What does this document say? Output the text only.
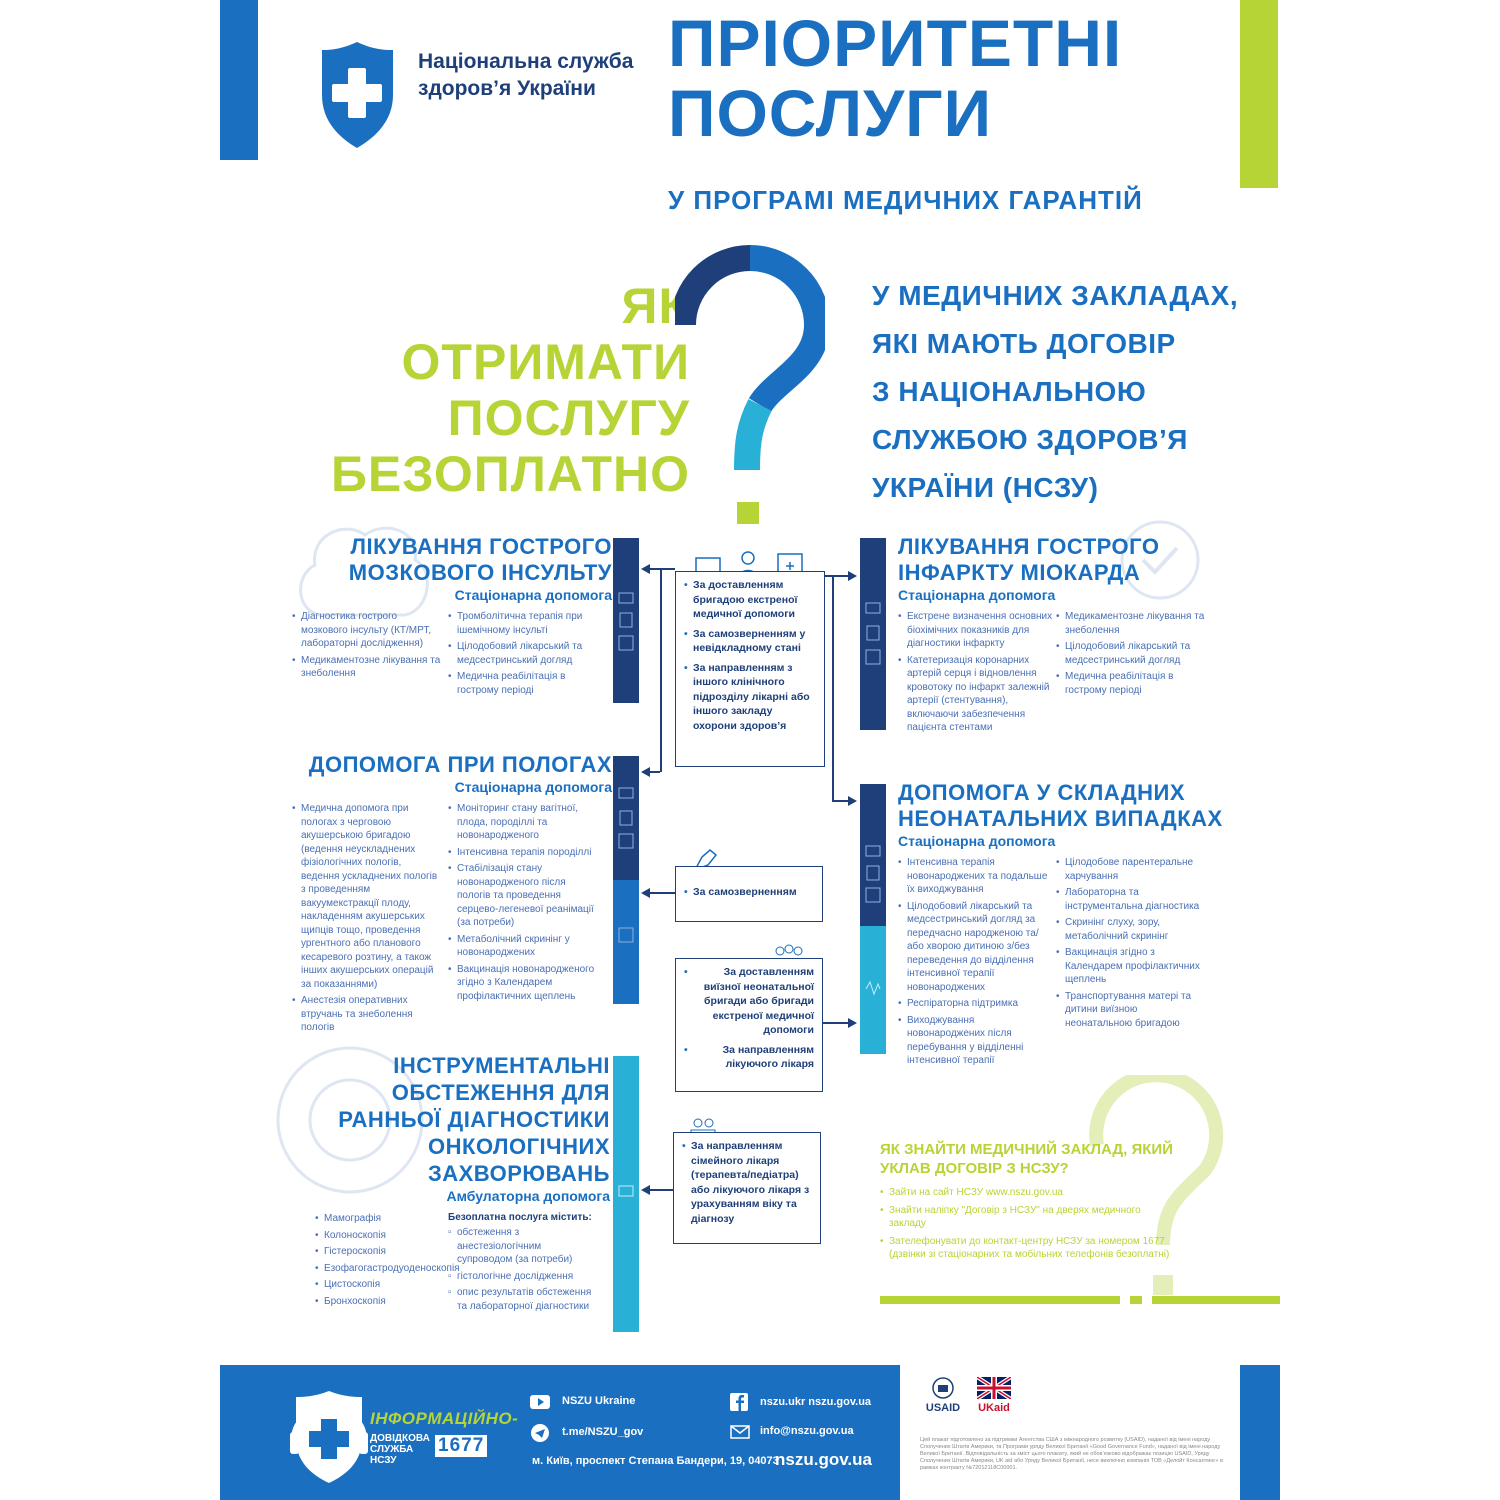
Національна служба здоров’я України
ПРІОРИТЕТНІ
ПОСЛУГИ
У ПРОГРАМІ МЕДИЧНИХ ГАРАНТІЙ
ЯК
ОТРИМАТИ
ПОСЛУГУ
БЕЗОПЛАТНО
У МЕДИЧНИХ ЗАКЛАДАХ,
ЯКІ МАЮТЬ ДОГОВІР
З НАЦІОНАЛЬНОЮ
СЛУЖБОЮ ЗДОРОВ’Я
УКРАЇНИ (НСЗУ)
ЛІКУВАННЯ ГОСТРОГО
МОЗКОВОГО ІНСУЛЬТУ
Стаціонарна допомога
• Діагностика гострого мозкового інсульту (КТ/МРТ, лабораторні дослідження)
• Медикаментозне лікування та знеболення
• Тромболітична терапія при ішемічному інсульті
• Цілодобовий лікарський та медсестринський догляд
• Медична реабілітація в гострому періоді
ЛІКУВАННЯ ГОСТРОГО
ІНФАРКТУ МІОКАРДА
Стаціонарна допомога
• Екстрене визначення основних біохімічних показників для діагностики інфаркту
• Катетеризація коронарних артерій серця і відновлення кровотоку по інфаркт залежній артерії (стентування), включаючи забезпечення пацієнта стентами
• Медикаментозне лікування та знеболення
• Цілодобовий лікарський та медсестринський догляд
• Медична реабілітація в гострому періоді
• За доставленням бригадою екстреної медичної допомоги
• За самозверненням у невідкладному стані
• За направленням з іншого клінічного підрозділу лікарні або іншого закладу охорони здоров’я
ДОПОМОГА ПРИ ПОЛОГАХ
Стаціонарна допомога
• Медична допомога при пологах з черговою акушерською бригадою (ведення неускладнених фізіологічних пологів, ведення ускладнених пологів з проведенням вакуумекстракції плоду, накладенням акушерських щипців тощо, проведення ургентного або планового кесаревого розтину, а також інших акушерських операцій за показаннями)
• Анестезія оперативних втручань та знеболення пологів
• Моніторинг стану вагітної, плода, породіллі та новонародженого
• Інтенсивна терапія породіллі
• Стабілізація стану новонародженого після пологів та проведення серцево-легеневої реанімації (за потреби)
• Метаболічний скринінг у новонароджених
• Вакцинація новонародженого згідно з Календарем профілактичних щеплень
• За самозверненням
ДОПОМОГА У СКЛАДНИХ
НЕОНАТАЛЬНИХ ВИПАДКАХ
Стаціонарна допомога
• Інтенсивна терапія новонароджених та подальше їх виходжування
• Цілодобовий лікарський та медсестринський догляд за передчасно народженою та/ або хворою дитиною з/без переведення до відділення інтенсивної терапії новонароджених
• Респіраторна підтримка
• Виходжування новонароджених після перебування у відділенні інтенсивної терапії
• Цілодобове парентеральне харчування
• Лабораторна та інструментальна діагностика
• Скринінг слуху, зору, метаболічний скринінг
• Вакцинація згідно з Календарем профілактичних щеплень
• Транспортування матері та дитини виїзною неонатальною бригадою
• За доставленням виїзної неонатальної бригади або бригади екстреної медичної допомоги
• За направленням лікуючого лікаря
ІНСТРУМЕНТАЛЬНІ
ОБСТЕЖЕННЯ ДЛЯ
РАННЬОЇ ДІАГНОСТИКИ
ОНКОЛОГІЧНИХ
ЗАХВОРЮВАНЬ
Амбулаторна допомога
• Мамографія
• Колоноскопія
• Гістероскопія
• Езофагогастродуоденоскопія
• Цистоскопія
• Бронхоскопія
Безоплатна послуга містить:
▫ обстеження з анестезіологічним супроводом (за потреби)
▫ гістологічне дослідження
▫ опис результатів обстеження та лабораторної діагностики
• За направленням сімейного лікаря (терапевта/педіатра) або лікуючого лікаря з урахуванням віку та діагнозу
ЯК ЗНАЙТИ МЕДИЧНИЙ ЗАКЛАД, ЯКИЙ УКЛАВ ДОГОВІР З НСЗУ?
• Зайти на сайт НСЗУ www.nszu.gov.ua
• Знайти наліпку "Договір з НСЗУ" на дверях медичного закладу
• Зателефонувати до контакт-центру НСЗУ за номером 1677 (дзвінки зі стаціонарних та мобільних телефонів безоплатні)
ІНФОРМАЦІЙНО-
ДОВІДКОВА СЛУЖБА НСЗУ
1677
NSZU Ukraine
t.me/NSZU_gov
nszu.ukr nszu.gov.ua
info@nszu.gov.ua
м. Київ, проспект Степана Бандери, 19, 04073
nszu.gov.ua
USAID	UKaid
Цей плакат підготовлено за підтримки Агентства США з міжнародного розвитку (USAID), наданої від імені народу Сполучених Штатів Америки, та Програми уряду Великої Британії «Good Governance Fund», наданої від імені народу Великої Британії. Відповідальність за зміст цього плакату, який не обов’язково відображає позицію USAID, Уряду Сполучених Штатів Америки, UK aid або Уряду Великої Британії, несе виключно компанія ТОВ «Делойт Консалтинг» в рамках контракту №72012118C00001.
